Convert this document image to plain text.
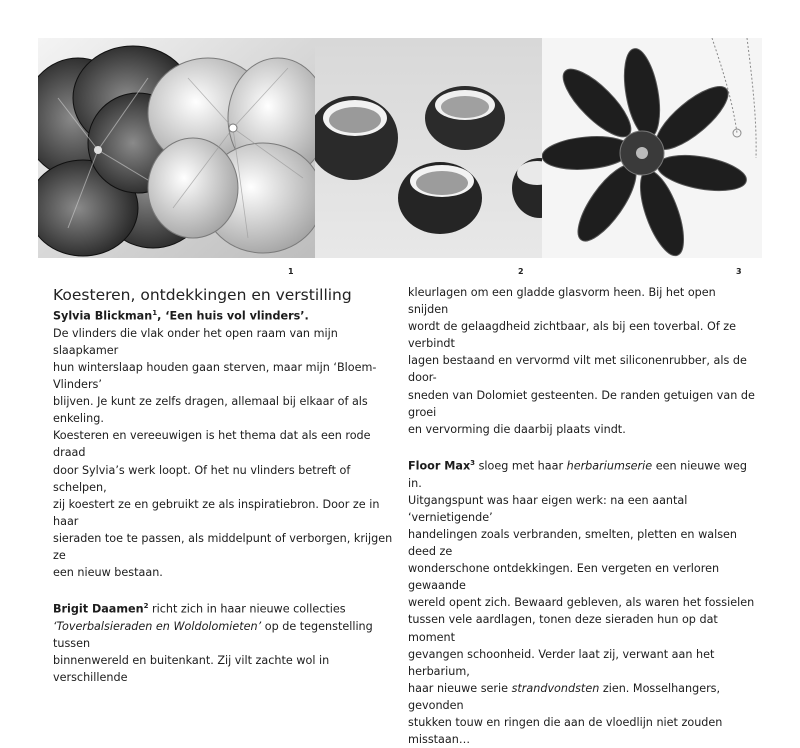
1	2	3

Koesteren, ontdekkingen en verstilling

Sylvia Blickman$^1$, ‘Een huis vol vlinders’.

De vlinders die vlak onder het open raam van mijn slaapkamer

hun winterslaap houden gaan sterven, maar mijn ‘Bloem-Vlinders’

blijven. Je kunt ze zelfs dragen, allemaal bij elkaar of als enkeling.

Koesteren en vereeuwigen is het thema dat als een rode draad

door Sylvia’s werk loopt. Of het nu vlinders betreft of schelpen,

zij koestert ze en gebruikt ze als inspiratiebron. Door ze in haar

sieraden toe te passen, als middelpunt of verborgen, krijgen ze

een nieuw bestaan.

Brigit Daamen$^2$ richt zich in haar nieuwe collecties

‘Toverbalsieraden en Woldolomieten’ op de tegenstelling tussen

binnenwereld en buitenkant. Zij vilt zachte wol in verschillende

kleurlagen om een gladde glasvorm heen. Bij het open snijden

wordt de gelaagdheid zichtbaar, als bij een toverbal. Of ze verbindt

lagen bestaand en vervormd vilt met siliconenrubber, als de door-

sneden van Dolomiet gesteenten. De randen getuigen van de groei

en vervorming die daarbij plaats vindt.

Floor Max$^3$ sloeg met haar herbariumserie een nieuwe weg in.

Uitgangspunt was haar eigen werk: na een aantal ‘vernietigende’

handelingen zoals verbranden, smelten, pletten en walsen deed ze

wonderschone ontdekkingen. Een vergeten en verloren gewaande

wereld opent zich. Bewaard gebleven, als waren het fossielen

tussen vele aardlagen, tonen deze sieraden hun op dat moment

gevangen schoonheid. Verder laat zij, verwant aan het herbarium,

haar nieuwe serie strandvondsten zien. Mosselhangers, gevonden

stukken touw en ringen die aan de vloedlijn niet zouden misstaan…
